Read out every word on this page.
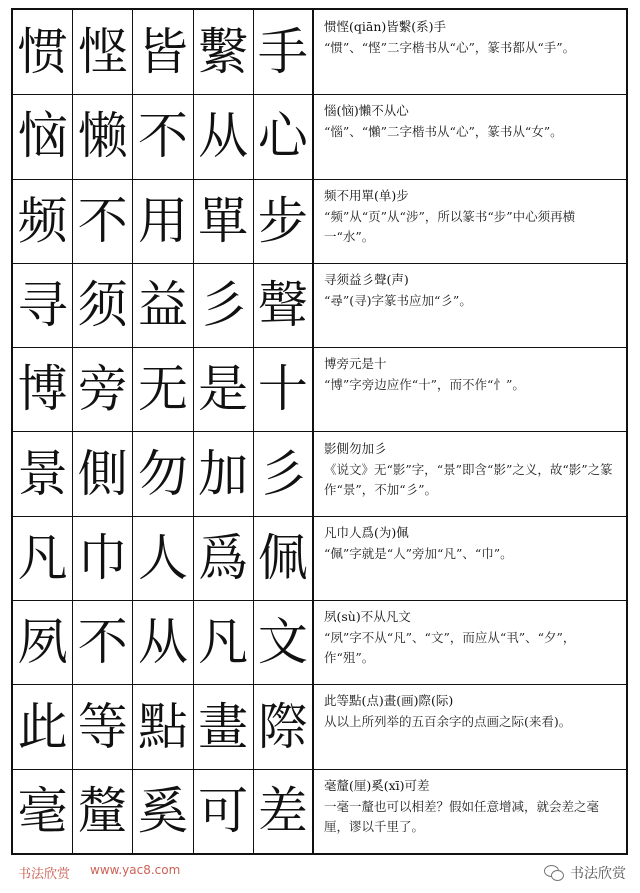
惯 悭 皆 繫 手	惯悭(qiān)皆繫(系)手

“惯”、“悭”二字楷书从“心”，篆书都从“手”。

恼 懒 不 从 心	惱(恼)懶不从心

“惱”、“懶”二字楷书从“心”，篆书从“女”。

频 不 用 單 步	频不用單(单)步

“频”从“页”从“涉”，所以篆书“步”中心须再横一“水”。

寻 须 益 彡 聲	寻须益彡聲(声)

“尋”(寻)字篆书应加“彡”。

博 旁 无 是 十	博旁元是十

“博”字旁边应作“十”，而不作“忄”。

景 側 勿 加 彡	影側勿加彡

《说文》无“影”字，“景”即含“影”之义，故“影”之篆作“景”，不加“彡”。

凡 巾 人 爲 佩	凡巾人爲(为)佩

“佩”字就是“人”旁加“凡”、“巾”。

夙 不 从 凡 文	夙(sù)不从凡文

“夙”字不从“凡”、“文”，而应从“丮”、“夕”，作“殂”。

此 等 點 畫 際	此等點(点)畫(画)際(际)

从以上所列举的五百余字的点画之际(来看)。

毫 釐 奚 可 差	毫釐(厘)奚(xī)可差

一毫一釐也可以相差？假如任意增减，就会差之毫厘，谬以千里了。

书法欣赏 www.yac8.com	书法欣赏
